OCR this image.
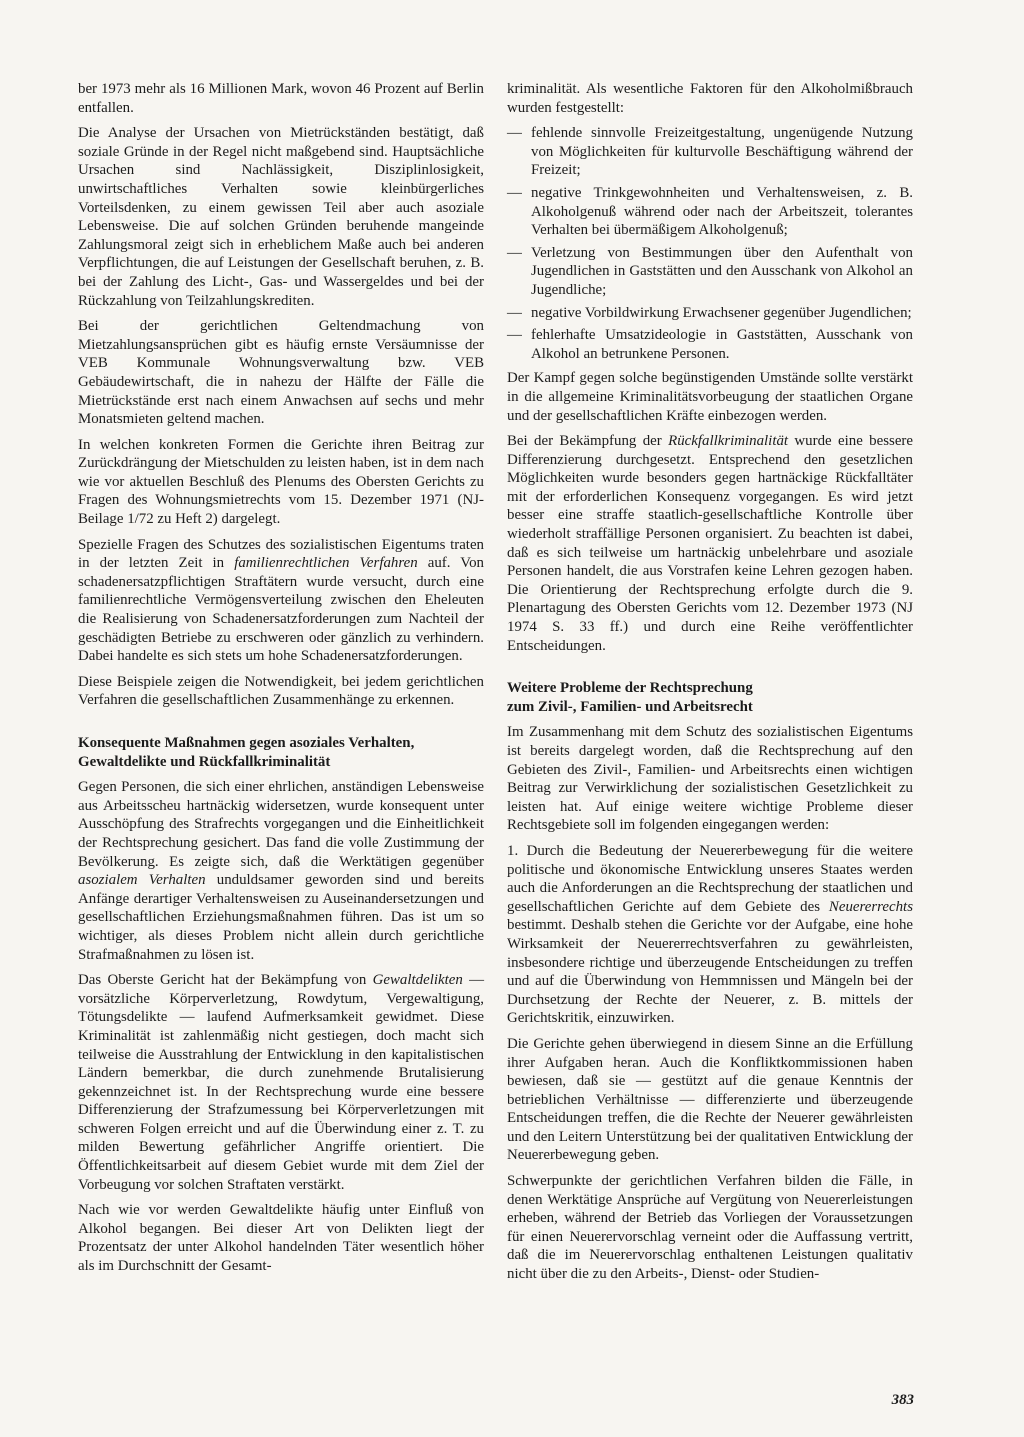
ber 1973 mehr als 16 Millionen Mark, wovon 46 Prozent auf Berlin entfallen.

Die Analyse der Ursachen von Mietrückständen bestätigt, daß soziale Gründe in der Regel nicht maßgebend sind. Hauptsächliche Ursachen sind Nachlässigkeit, Disziplinlosigkeit, unwirtschaftliches Verhalten sowie kleinbürgerliches Vorteilsdenken, zu einem gewissen Teil aber auch asoziale Lebensweise. Die auf solchen Gründen beruhende mangeinde Zahlungsmoral zeigt sich in erheblichem Maße auch bei anderen Verpflichtungen, die auf Leistungen der Gesellschaft beruhen, z. B. bei der Zahlung des Licht-, Gas- und Wassergeldes und bei der Rückzahlung von Teilzahlungskrediten.

Bei der gerichtlichen Geltendmachung von Mietzahlungsansprüchen gibt es häufig ernste Versäumnisse der VEB Kommunale Wohnungsverwaltung bzw. VEB Gebäudewirtschaft, die in nahezu der Hälfte der Fälle die Mietrückstände erst nach einem Anwachsen auf sechs und mehr Monatsmieten geltend machen.

In welchen konkreten Formen die Gerichte ihren Beitrag zur Zurückdrängung der Mietschulden zu leisten haben, ist in dem nach wie vor aktuellen Beschluß des Plenums des Obersten Gerichts zu Fragen des Wohnungsmietrechts vom 15. Dezember 1971 (NJ-Beilage 1/72 zu Heft 2) dargelegt.

Spezielle Fragen des Schutzes des sozialistischen Eigentums traten in der letzten Zeit in familienrechtlichen Verfahren auf. Von schadenersatzpflichtigen Straftätern wurde versucht, durch eine familienrechtliche Vermögensverteilung zwischen den Eheleuten die Realisierung von Schadenersatzforderungen zum Nachteil der geschädigten Betriebe zu erschweren oder gänzlich zu verhindern. Dabei handelte es sich stets um hohe Schadenersatzforderungen.

Diese Beispiele zeigen die Notwendigkeit, bei jedem gerichtlichen Verfahren die gesellschaftlichen Zusammenhänge zu erkennen.

Konsequente Maßnahmen gegen asoziales Verhalten,
Gewaltdelikte und Rückfallkriminalität

Gegen Personen, die sich einer ehrlichen, anständigen Lebensweise aus Arbeitsscheu hartnäckig widersetzen, wurde konsequent unter Ausschöpfung des Strafrechts vorgegangen und die Einheitlichkeit der Rechtsprechung gesichert. Das fand die volle Zustimmung der Bevölkerung. Es zeigte sich, daß die Werktätigen gegenüber asozialem Verhalten unduldsamer geworden sind und bereits Anfänge derartiger Verhaltensweisen zu Auseinandersetzungen und gesellschaftlichen Erziehungsmaßnahmen führen. Das ist um so wichtiger, als dieses Problem nicht allein durch gerichtliche Strafmaßnahmen zu lösen ist.

Das Oberste Gericht hat der Bekämpfung von Gewaltdelikten — vorsätzliche Körperverletzung, Rowdytum, Vergewaltigung, Tötungsdelikte — laufend Aufmerksamkeit gewidmet. Diese Kriminalität ist zahlenmäßig nicht gestiegen, doch macht sich teilweise die Ausstrahlung der Entwicklung in den kapitalistischen Ländern bemerkbar, die durch zunehmende Brutalisierung gekennzeichnet ist. In der Rechtsprechung wurde eine bessere Differenzierung der Strafzumessung bei Körperverletzungen mit schweren Folgen erreicht und auf die Überwindung einer z. T. zu milden Bewertung gefährlicher Angriffe orientiert. Die Öffentlichkeitsarbeit auf diesem Gebiet wurde mit dem Ziel der Vorbeugung vor solchen Straftaten verstärkt.

Nach wie vor werden Gewaltdelikte häufig unter Einfluß von Alkohol begangen. Bei dieser Art von Delikten liegt der Prozentsatz der unter Alkohol handelnden Täter wesentlich höher als im Durchschnitt der Gesamt-

kriminalität. Als wesentliche Faktoren für den Alkoholmißbrauch wurden festgestellt:

— fehlende sinnvolle Freizeitgestaltung, ungenügende Nutzung von Möglichkeiten für kulturvolle Beschäftigung während der Freizeit;
— negative Trinkgewohnheiten und Verhaltensweisen, z. B. Alkoholgenuß während oder nach der Arbeitszeit, tolerantes Verhalten bei übermäßigem Alkoholgenuß;
— Verletzung von Bestimmungen über den Aufenthalt von Jugendlichen in Gaststätten und den Ausschank von Alkohol an Jugendliche;
— negative Vorbildwirkung Erwachsener gegenüber Jugendlichen;
— fehlerhafte Umsatzideologie in Gaststätten, Ausschank von Alkohol an betrunkene Personen.

Der Kampf gegen solche begünstigenden Umstände sollte verstärkt in die allgemeine Kriminalitätsvorbeugung der staatlichen Organe und der gesellschaftlichen Kräfte einbezogen werden.

Bei der Bekämpfung der Rückfallkriminalität wurde eine bessere Differenzierung durchgesetzt. Entsprechend den gesetzlichen Möglichkeiten wurde besonders gegen hartnäckige Rückfalltäter mit der erforderlichen Konsequenz vorgegangen. Es wird jetzt besser eine straffe staatlich-gesellschaftliche Kontrolle über wiederholt straffällige Personen organisiert. Zu beachten ist dabei, daß es sich teilweise um hartnäckig unbelehrbare und asoziale Personen handelt, die aus Vorstrafen keine Lehren gezogen haben. Die Orientierung der Rechtsprechung erfolgte durch die 9. Plenartagung des Obersten Gerichts vom 12. Dezember 1973 (NJ 1974 S. 33 ff.) und durch eine Reihe veröffentlichter Entscheidungen.

Weitere Probleme der Rechtsprechung
zum Zivil-, Familien- und Arbeitsrecht

Im Zusammenhang mit dem Schutz des sozialistischen Eigentums ist bereits dargelegt worden, daß die Rechtsprechung auf den Gebieten des Zivil-, Familien- und Arbeitsrechts einen wichtigen Beitrag zur Verwirklichung der sozialistischen Gesetzlichkeit zu leisten hat. Auf einige weitere wichtige Probleme dieser Rechtsgebiete soll im folgenden eingegangen werden:

1. Durch die Bedeutung der Neuererbewegung für die weitere politische und ökonomische Entwicklung unseres Staates werden auch die Anforderungen an die Rechtsprechung der staatlichen und gesellschaftlichen Gerichte auf dem Gebiete des Neuererrechts bestimmt. Deshalb stehen die Gerichte vor der Aufgabe, eine hohe Wirksamkeit der Neuererrechtsverfahren zu gewährleisten, insbesondere richtige und überzeugende Entscheidungen zu treffen und auf die Überwindung von Hemmnissen und Mängeln bei der Durchsetzung der Rechte der Neuerer, z. B. mittels der Gerichtskritik, einzuwirken.

Die Gerichte gehen überwiegend in diesem Sinne an die Erfüllung ihrer Aufgaben heran. Auch die Konfliktkommissionen haben bewiesen, daß sie — gestützt auf die genaue Kenntnis der betrieblichen Verhältnisse — differenzierte und überzeugende Entscheidungen treffen, die die Rechte der Neuerer gewährleisten und den Leitern Unterstützung bei der qualitativen Entwicklung der Neuererbewegung geben.

Schwerpunkte der gerichtlichen Verfahren bilden die Fälle, in denen Werktätige Ansprüche auf Vergütung von Neuererleistungen erheben, während der Betrieb das Vorliegen der Voraussetzungen für einen Neuerervorschlag verneint oder die Auffassung vertritt, daß die im Neuerervorschlag enthaltenen Leistungen qualitativ nicht über die zu den Arbeits-, Dienst- oder Studien-

383
